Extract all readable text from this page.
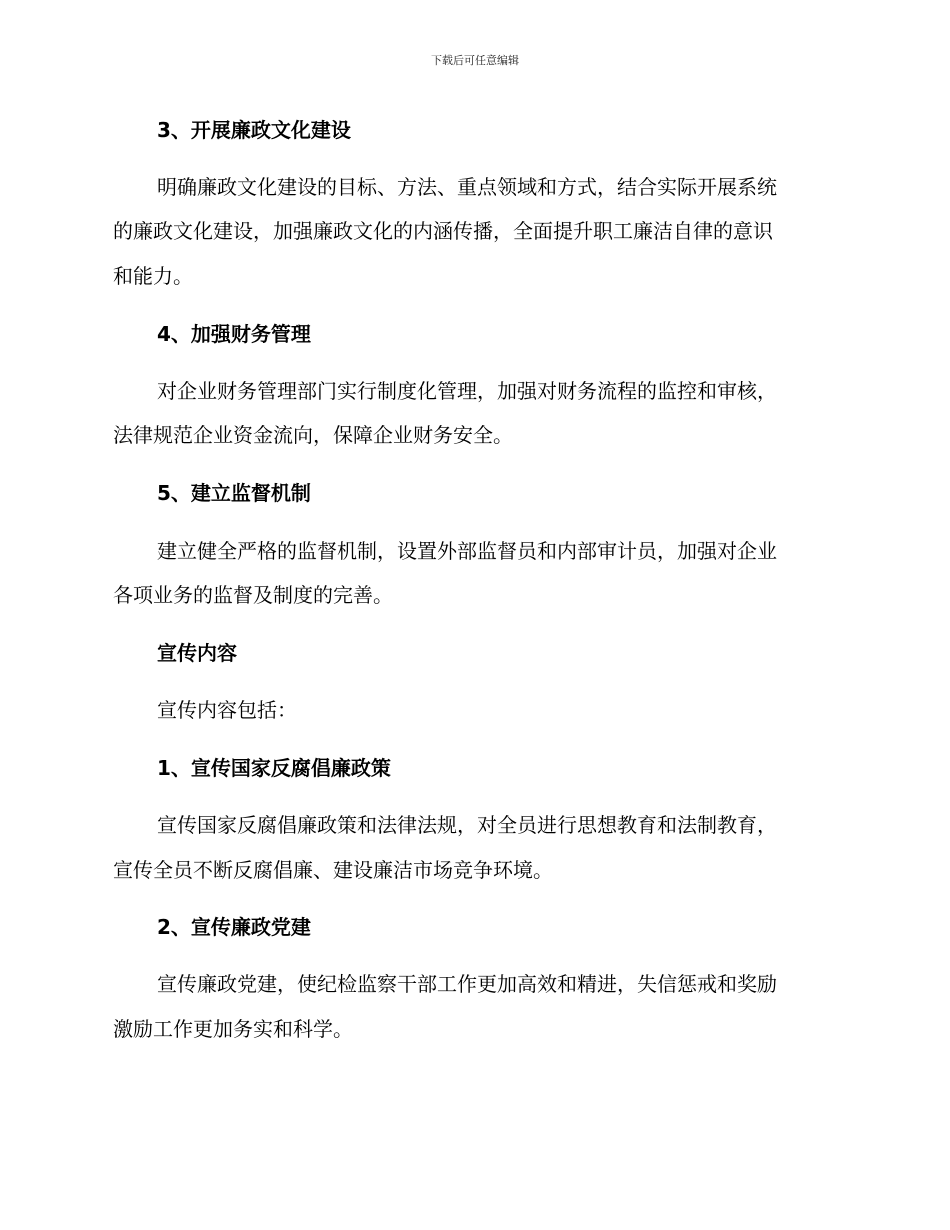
下载后可任意编辑
3、开展廉政文化建设
明确廉政文化建设的目标、方法、重点领域和方式，结合实际开展系统
的廉政文化建设，加强廉政文化的内涵传播，全面提升职工廉洁自律的意识
和能力。
4、加强财务管理
对企业财务管理部门实行制度化管理，加强对财务流程的监控和审核，
法律规范企业资金流向，保障企业财务安全。
5、建立监督机制
建立健全严格的监督机制，设置外部监督员和内部审计员，加强对企业
各项业务的监督及制度的完善。
宣传内容
宣传内容包括：
1、宣传国家反腐倡廉政策
宣传国家反腐倡廉政策和法律法规，对全员进行思想教育和法制教育，
宣传全员不断反腐倡廉、建设廉洁市场竞争环境。
2、宣传廉政党建
宣传廉政党建，使纪检监察干部工作更加高效和精进，失信惩戒和奖励
激励工作更加务实和科学。
